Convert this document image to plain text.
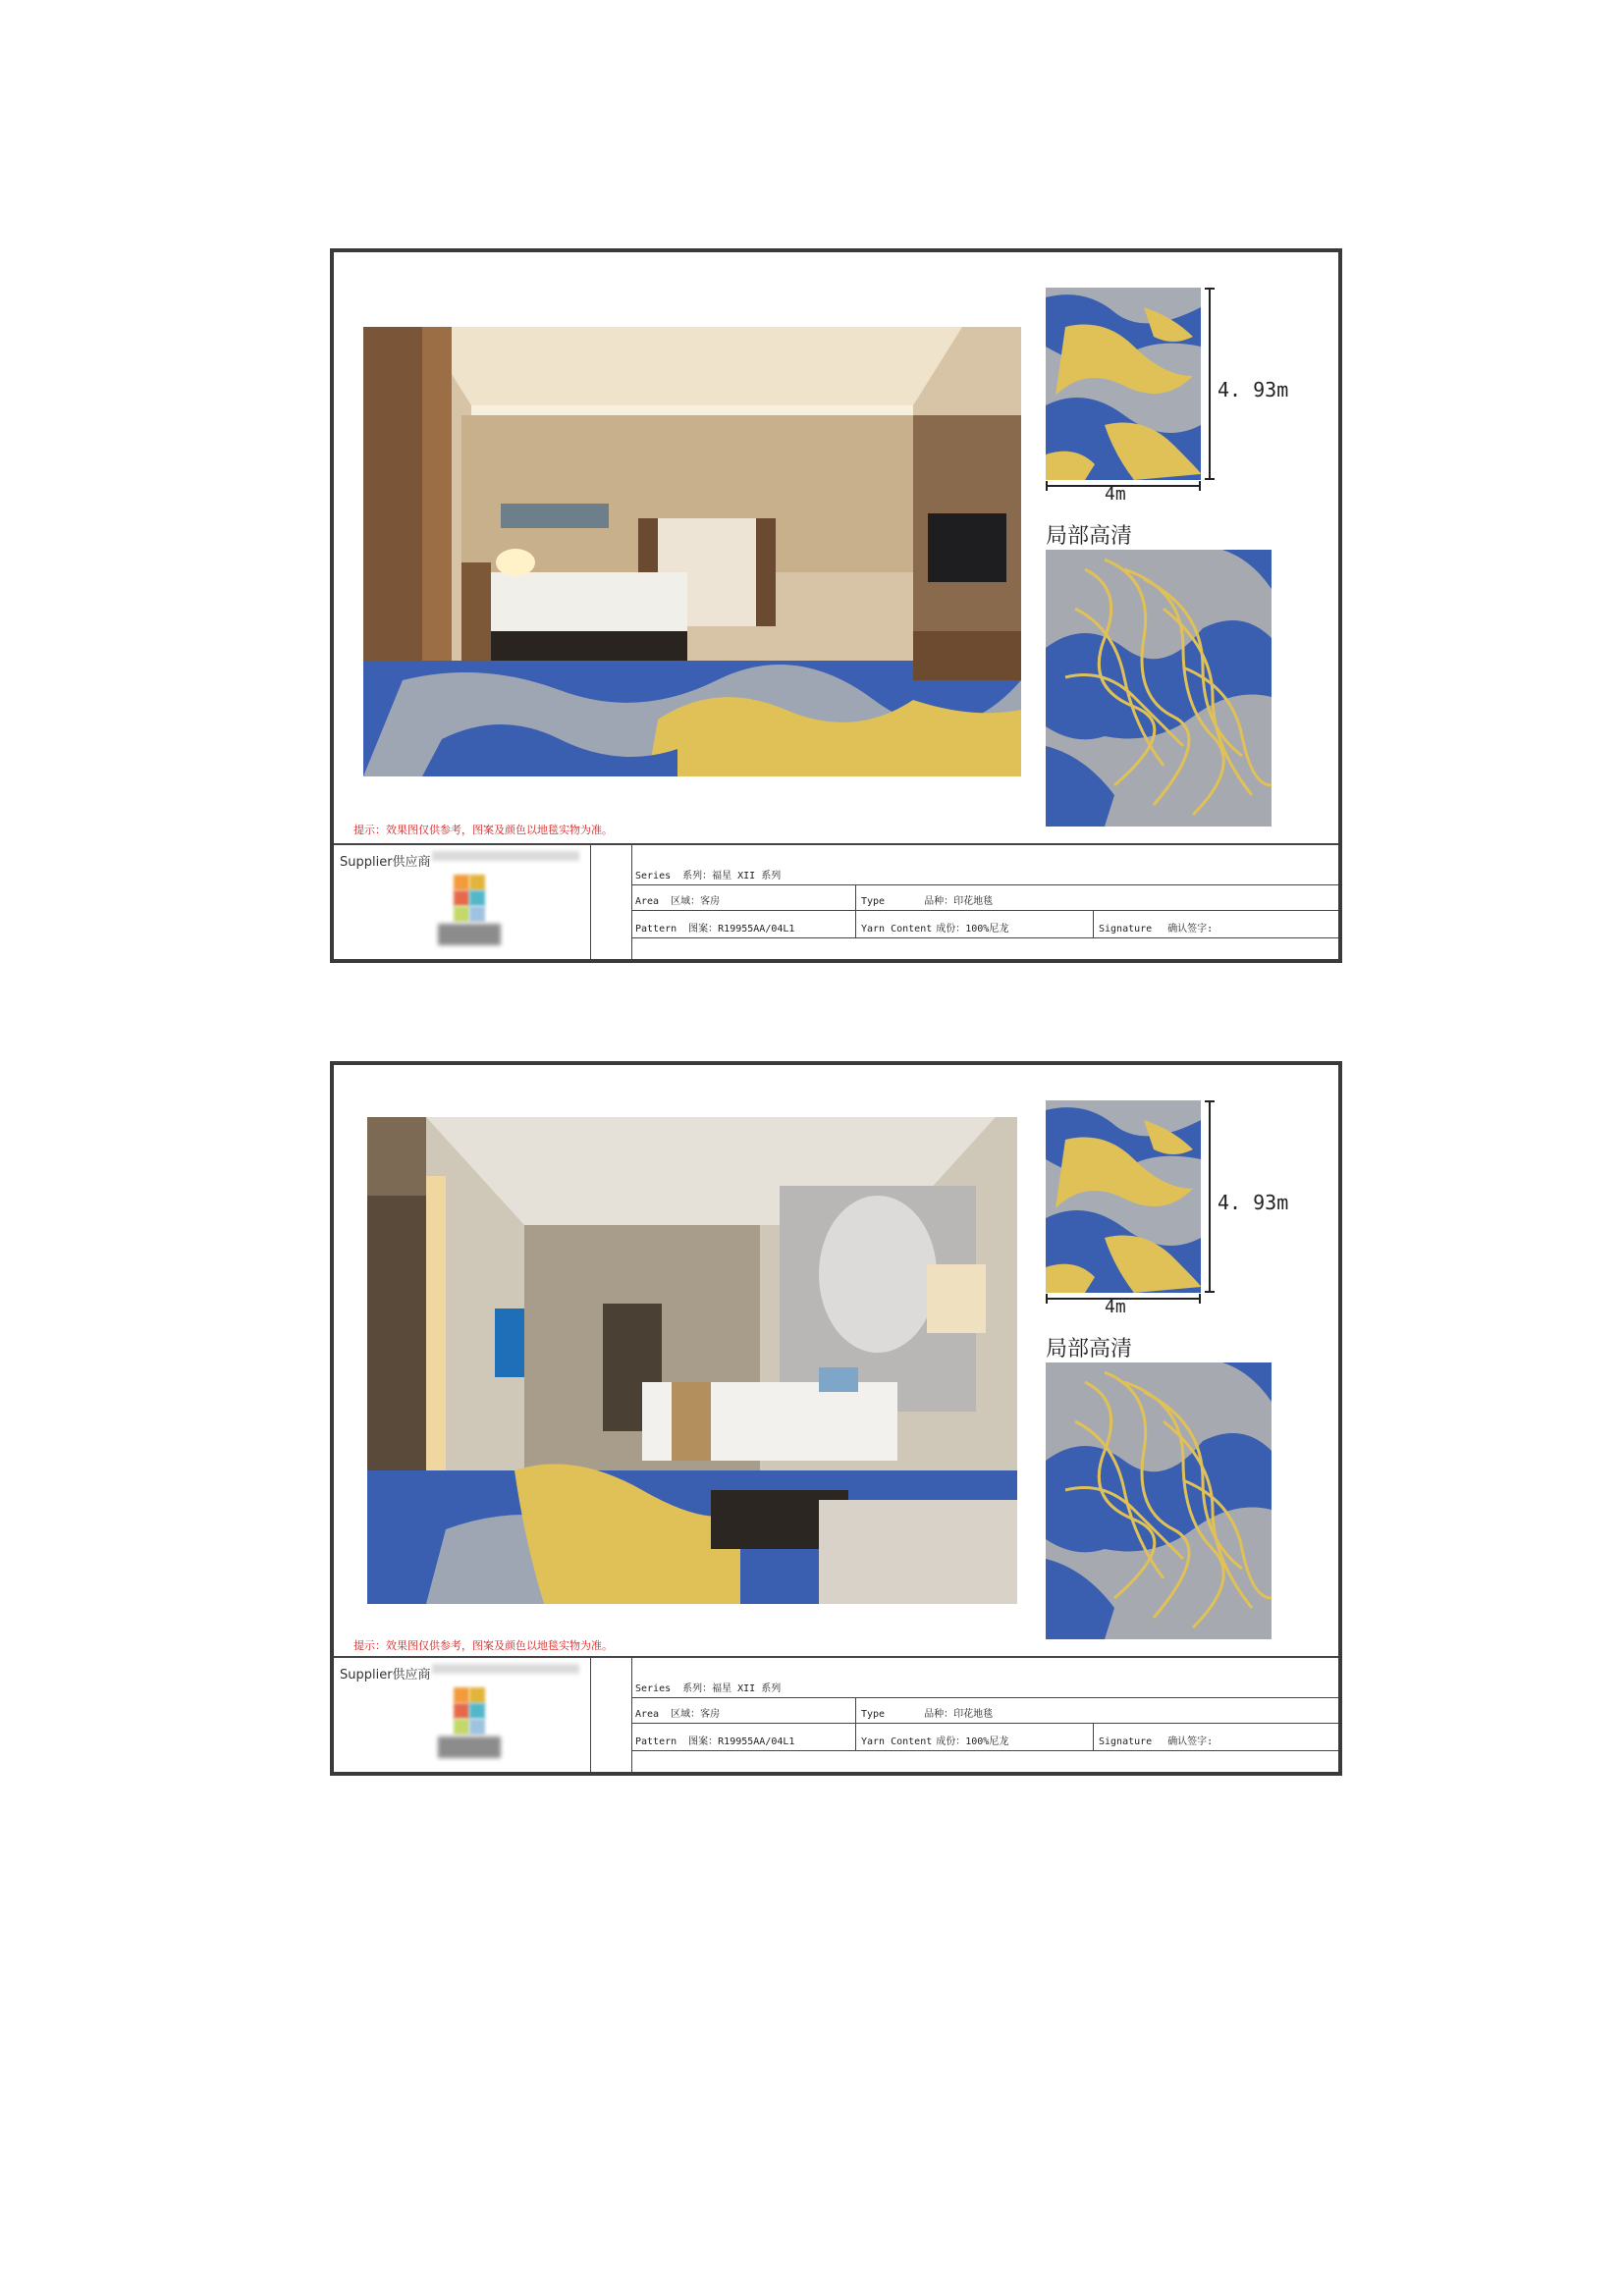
4. 93m
4m
局部高清
提示：效果图仅供参考，图案及颜色以地毯实物为准。
Supplier供应商
Series 系列：福星 XII 系列
Area 区域：客房	Type	品种：印花地毯
Pattern 图案：R19955AA/04L1	Yarn Content 成份：100%尼龙	Signature 确认签字:
4. 93m
4m
局部高清
提示：效果图仅供参考，图案及颜色以地毯实物为准。
Supplier供应商
Series 系列：福星 XII 系列
Area 区域：客房	Type	品种：印花地毯
Pattern 图案：R19955AA/04L1	Yarn Content 成份：100%尼龙	Signature 确认签字:
